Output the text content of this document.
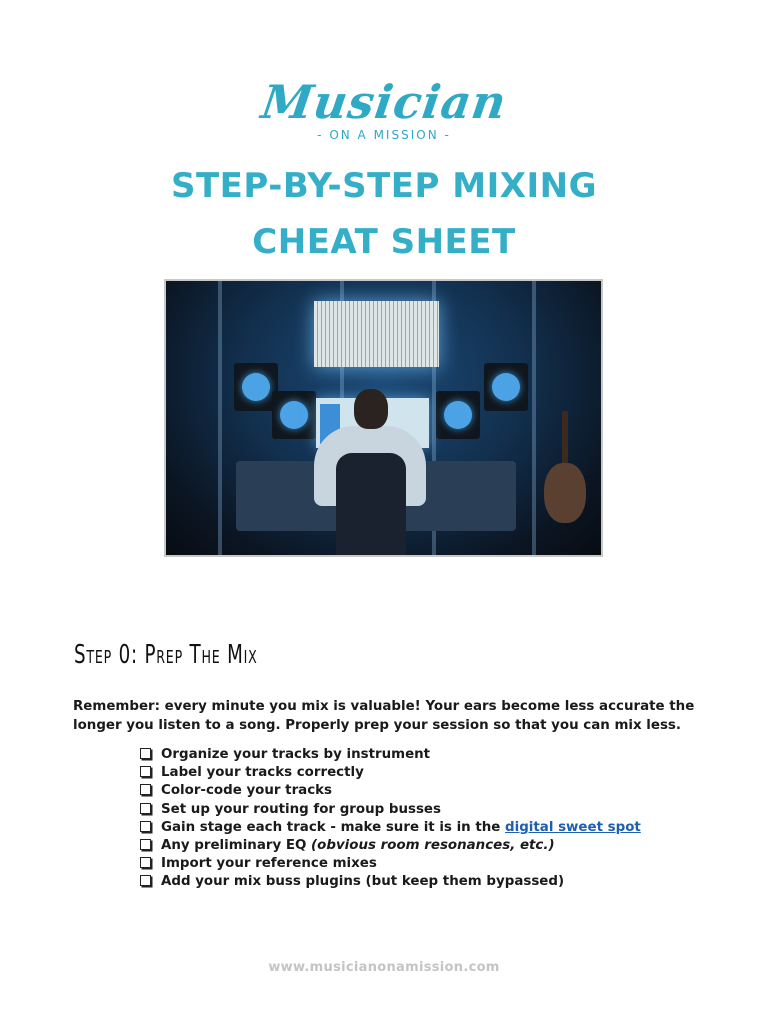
Musician
- ON A MISSION -
STEP-BY-STEP MIXING
CHEAT SHEET
Step 0: Prep The Mix
Remember: every minute you mix is valuable! Your ears become less accurate the longer you listen to a song. Properly prep your session so that you can mix less.
Organize your tracks by instrument
Label your tracks correctly
Color-code your tracks
Set up your routing for group busses
Gain stage each track - make sure it is in the digital sweet spot
Any preliminary EQ (obvious room resonances, etc.)
Import your reference mixes
Add your mix buss plugins (but keep them bypassed)
www.musicianonamission.com
